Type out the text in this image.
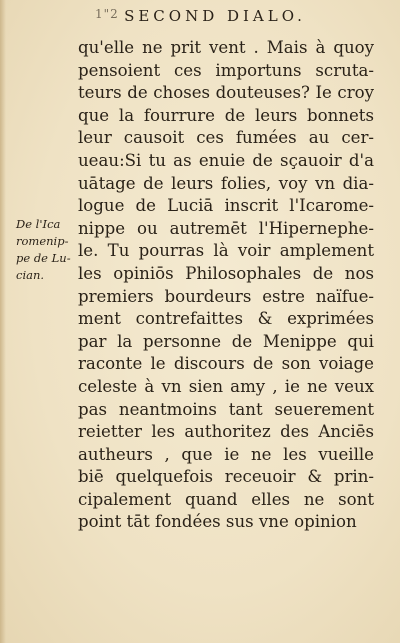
1"2 SECOND DIALO.
De l'Ica
romenip-
pe de Lu-
cian.
qu'elle ne prit vent . Mais à quoy
pensoient ces importuns scruta-
teurs de choses douteuses? Ie croy
que la fourrure de leurs bonnets
leur causoit ces fumées au cer-
ueau:Si tu as enuie de sçauoir d'a
uātage de leurs folies, voy vn dia-
logue de Luciā inscrit l'Icarome-
nippe ou autremēt l'Hipernephe-
le. Tu pourras là voir amplement
les opiniōs Philosophales de nos
premiers bourdeurs estre naïfue-
ment contrefaittes & exprimées
par la personne de Menippe qui
raconte le discours de son voiage
celeste à vn sien amy , ie ne veux
pas neantmoins tant seuerement
reietter les authoritez des Anciēs
autheurs , que ie ne les vueille
biē quelquefois receuoir & prin-
cipalement quand elles ne sont
point tāt fondées sus vne opinion
